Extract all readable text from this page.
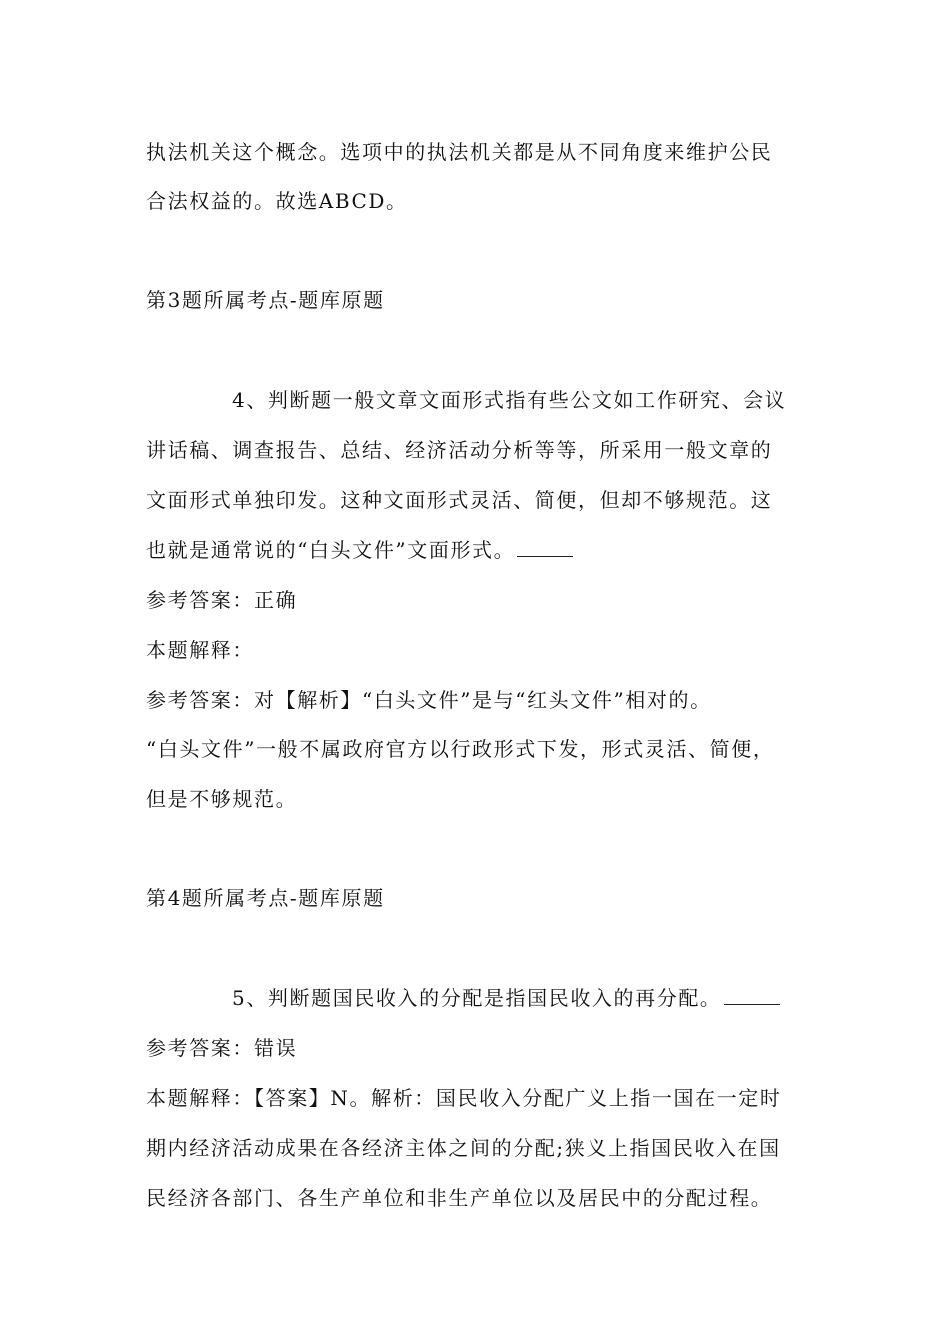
执法机关这个概念。选项中的执法机关都是从不同角度来维护公民
合法权益的。故选ABCD。
第3题所属考点-题库原题
4、判断题一般文章文面形式指有些公文如工作研究、会议
讲话稿、调查报告、总结、经济活动分析等等，所采用一般文章的
文面形式单独印发。这种文面形式灵活、简便，但却不够规范。这
也就是通常说的“白头文件”文面形式。
参考答案：正确
本题解释：
参考答案：对【解析】“白头文件”是与“红头文件”相对的。
“白头文件”一般不属政府官方以行政形式下发，形式灵活、简便，
但是不够规范。
第4题所属考点-题库原题
5、判断题国民收入的分配是指国民收入的再分配。
参考答案：错误
本题解释：【答案】N。解析：国民收入分配广义上指一国在一定时
期内经济活动成果在各经济主体之间的分配;狭义上指国民收入在国
民经济各部门、各生产单位和非生产单位以及居民中的分配过程。
